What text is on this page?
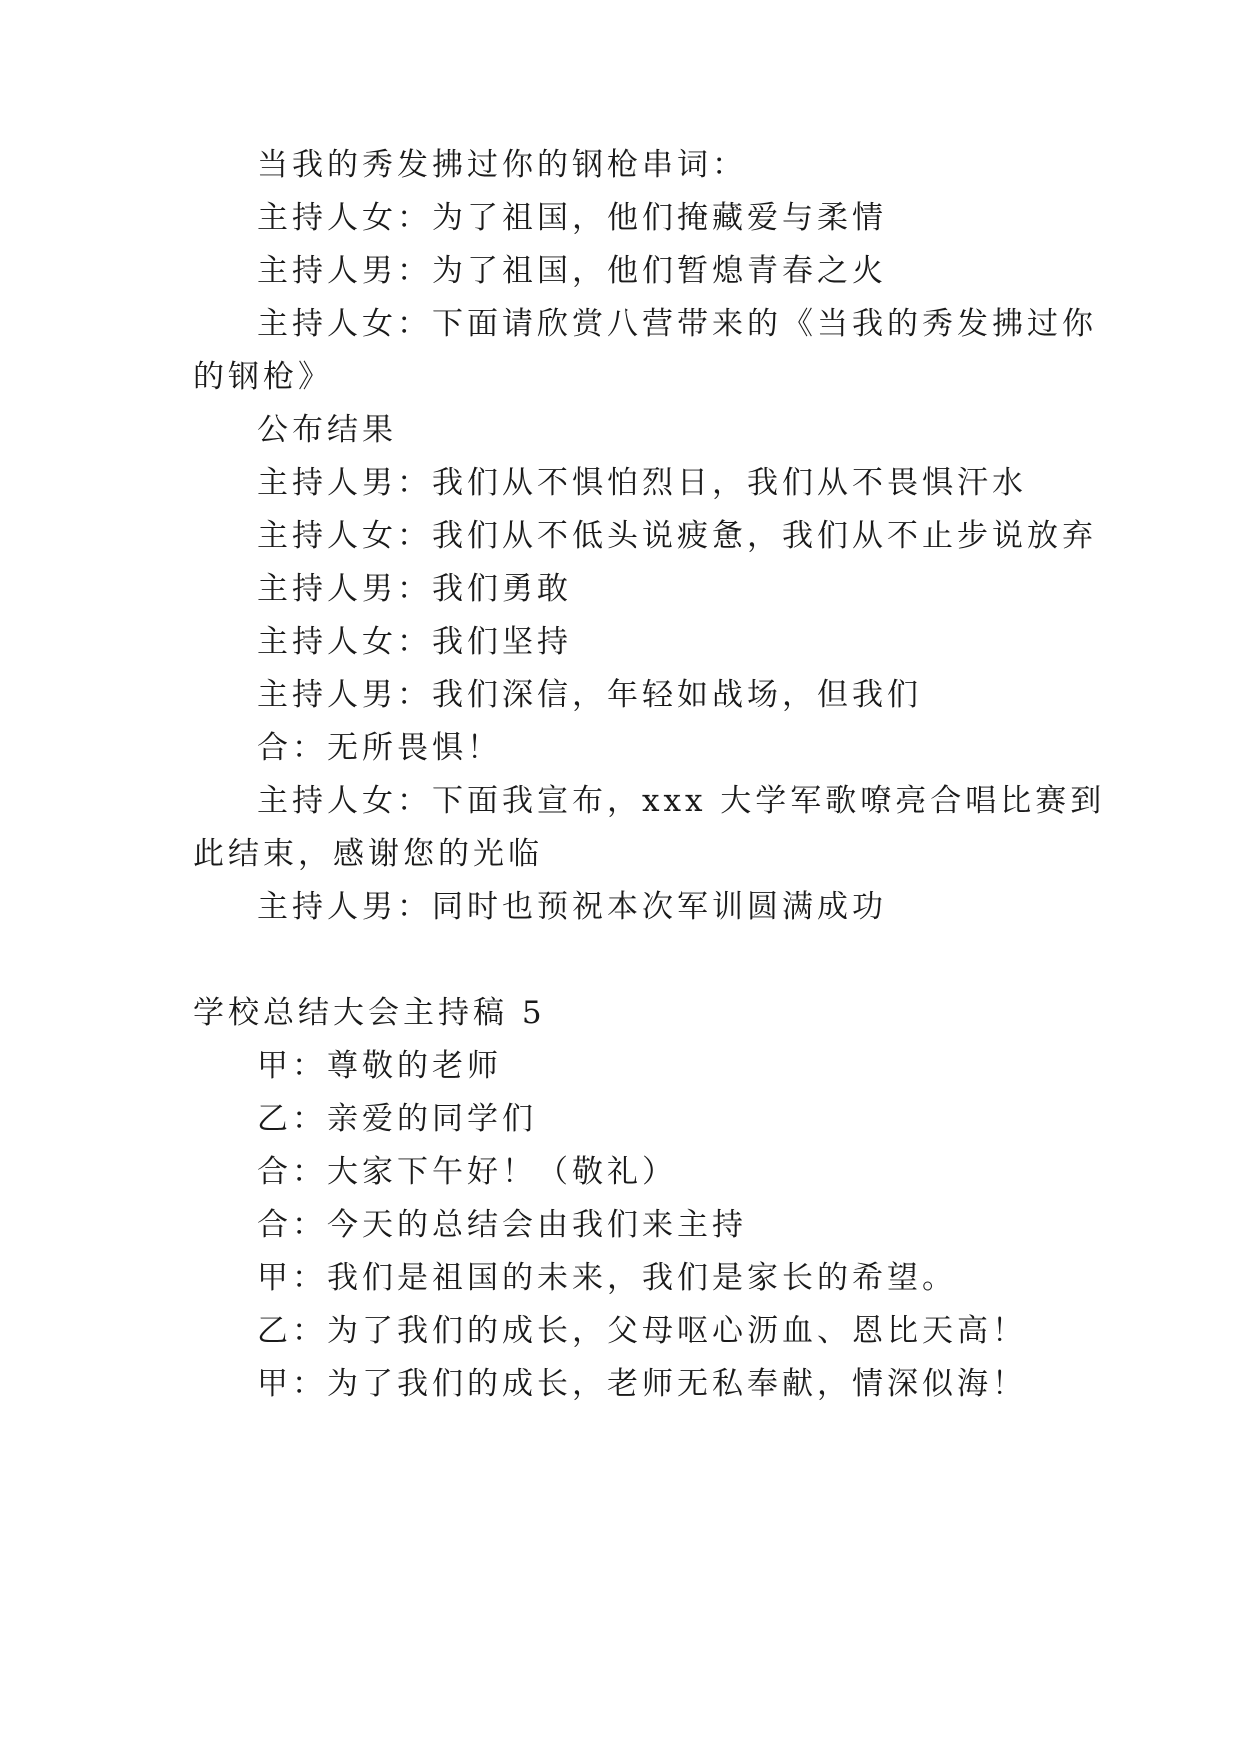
当我的秀发拂过你的钢枪串词：
主持人女：为了祖国，他们掩藏爱与柔情
主持人男：为了祖国，他们暂熄青春之火
主持人女：下面请欣赏八营带来的《当我的秀发拂过你
的钢枪》
公布结果
主持人男：我们从不惧怕烈日，我们从不畏惧汗水
主持人女：我们从不低头说疲惫，我们从不止步说放弃
主持人男：我们勇敢
主持人女：我们坚持
主持人男：我们深信，年轻如战场，但我们
合：无所畏惧！
主持人女：下面我宣布，xxx 大学军歌嘹亮合唱比赛到
此结束，感谢您的光临
主持人男：同时也预祝本次军训圆满成功
学校总结大会主持稿 5
甲：尊敬的老师
乙：亲爱的同学们
合：大家下午好！（敬礼）
合：今天的总结会由我们来主持
甲：我们是祖国的未来，我们是家长的希望。
乙：为了我们的成长，父母呕心沥血、恩比天高！
甲：为了我们的成长，老师无私奉献，情深似海！
